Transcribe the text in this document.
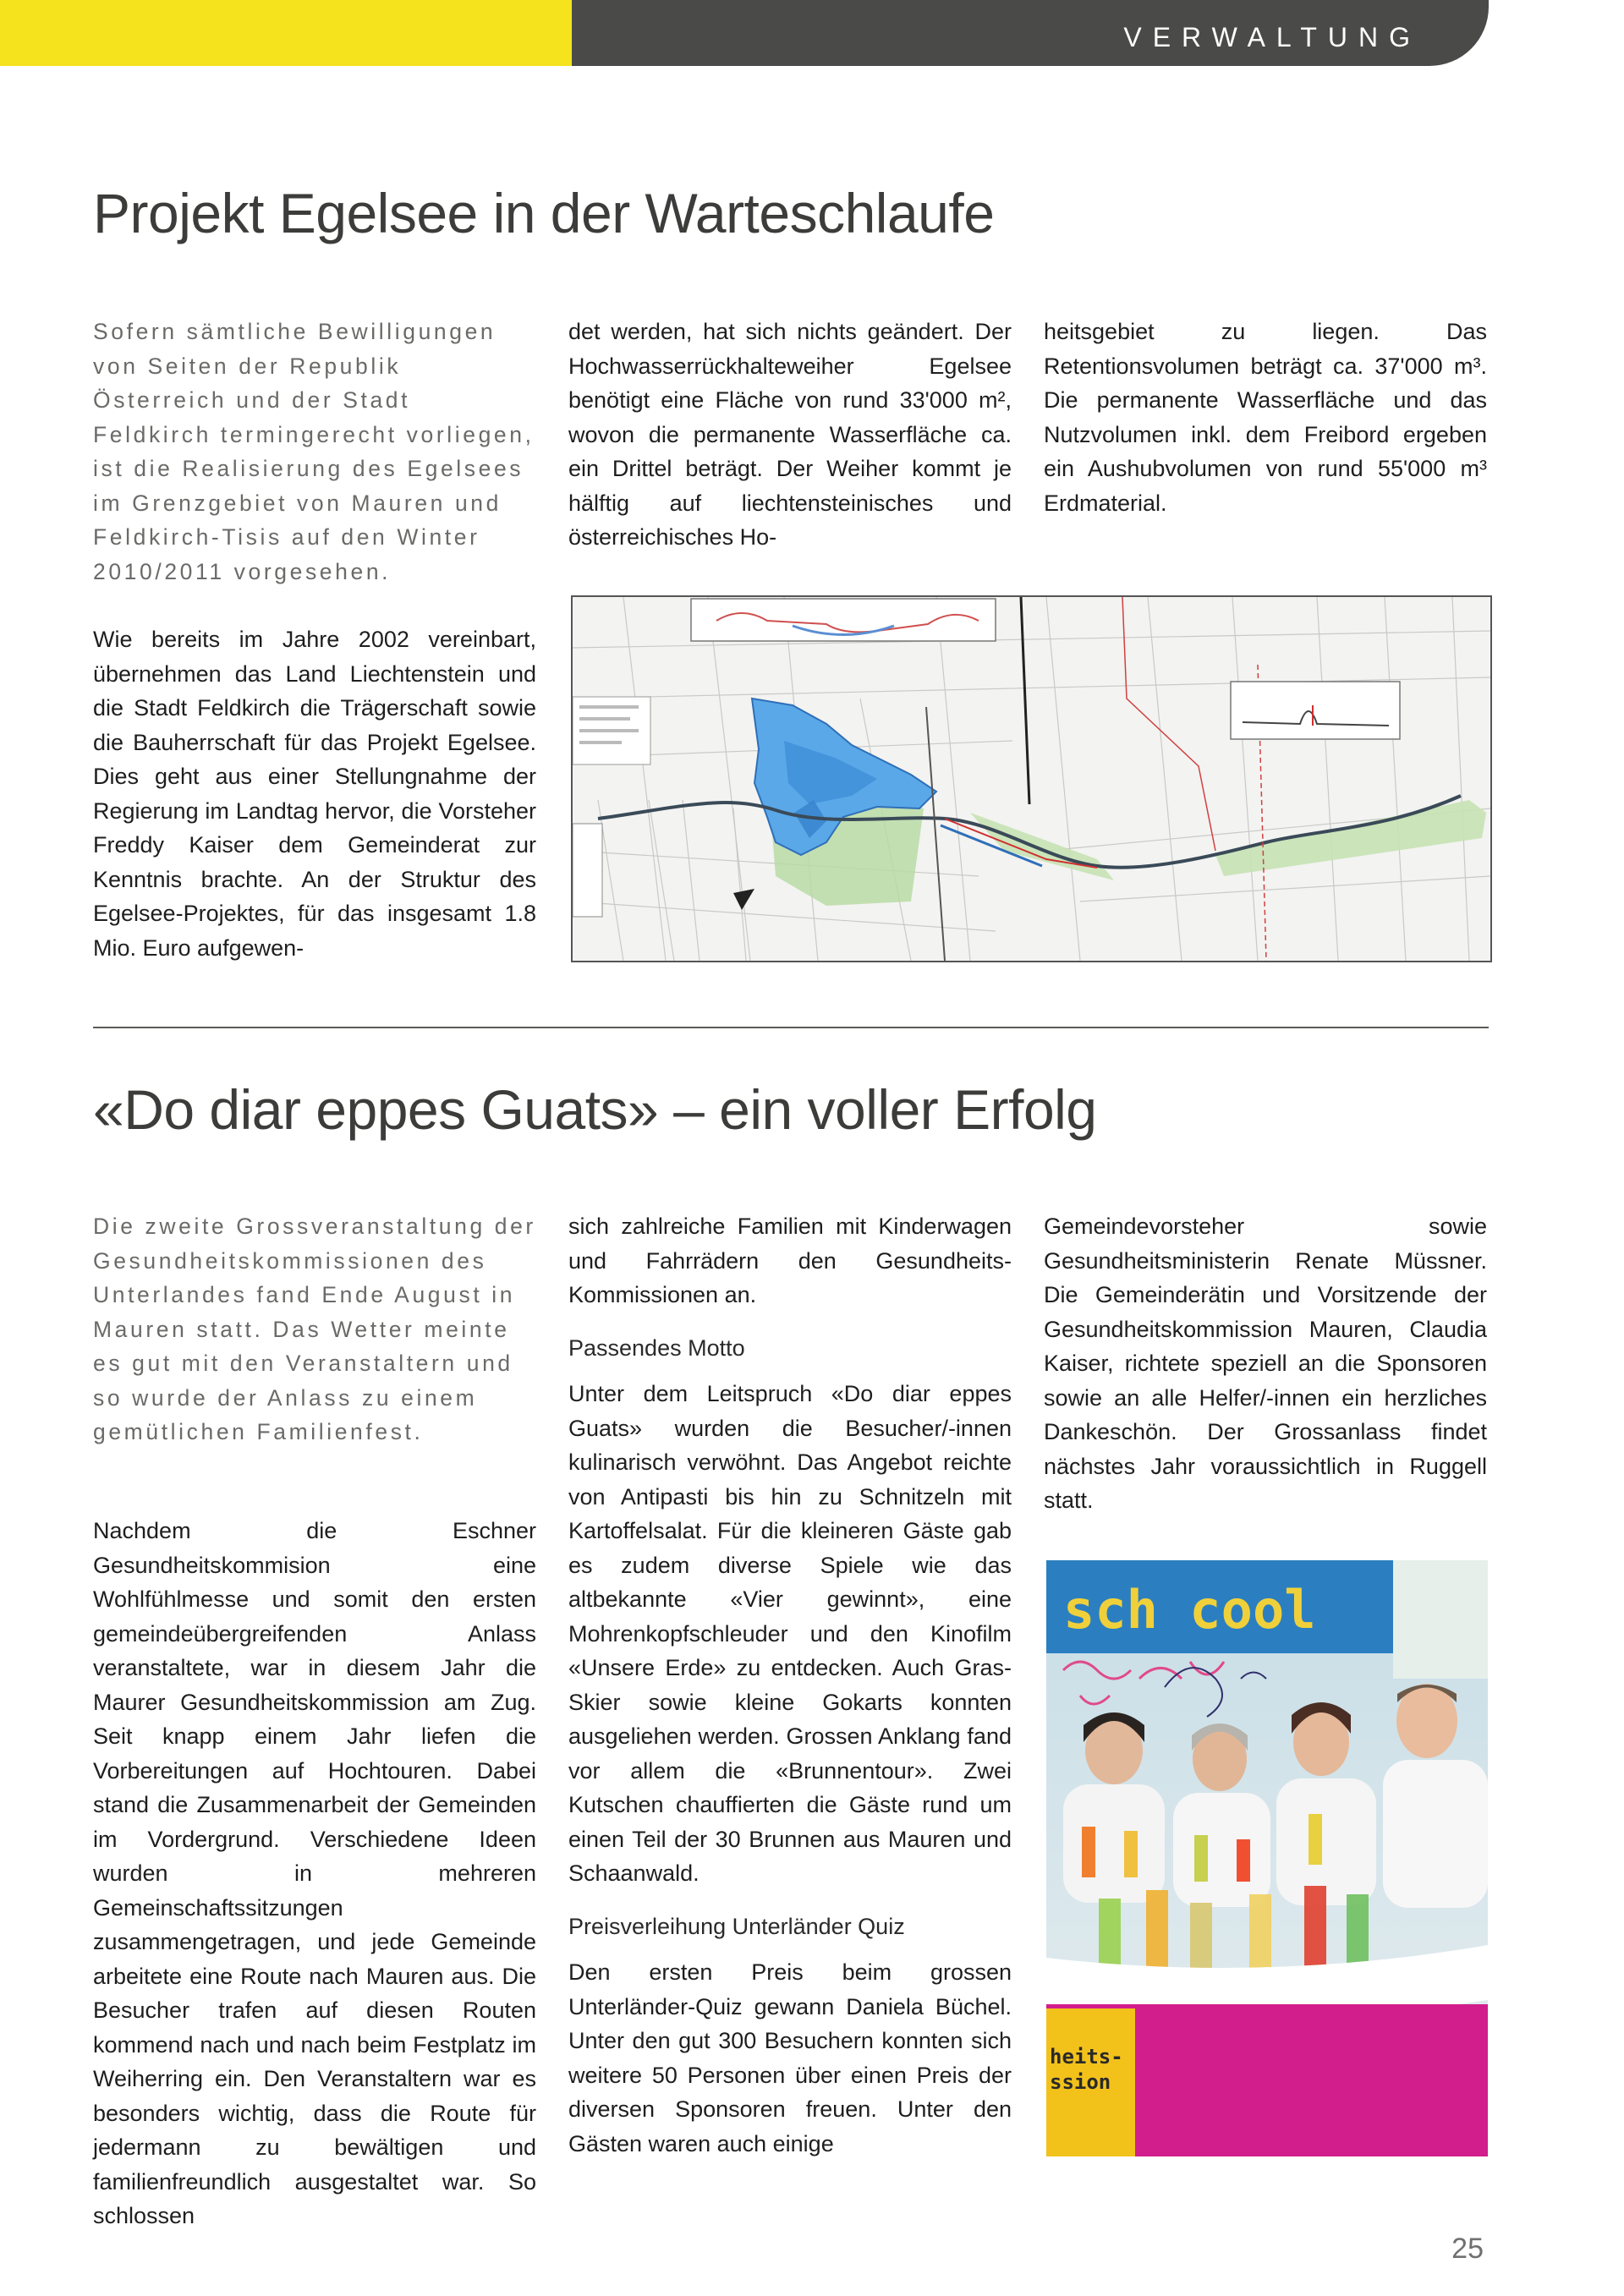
VERWALTUNG
Projekt Egelsee in der Warteschlaufe
Sofern sämtliche Bewilligungen von Seiten der Republik Österreich und der Stadt Feldkirch termingerecht vorliegen, ist die Realisierung des Egelsees im Grenzgebiet von Mauren und Feldkirch-Tisis auf den Winter 2010/2011 vorgesehen.
Wie bereits im Jahre 2002 vereinbart, übernehmen das Land Liechtenstein und die Stadt Feldkirch die Trägerschaft sowie die Bauherrschaft für das Projekt Egelsee. Dies geht aus einer Stellungnahme der Regierung im Landtag hervor, die Vorsteher Freddy Kaiser dem Gemeinderat zur Kenntnis brachte. An der Struktur des Egelsee-Projektes, für das insgesamt 1.8 Mio. Euro aufgewen-
det werden, hat sich nichts geändert. Der Hochwasserrückhalteweiher Egelsee benötigt eine Fläche von rund 33'000 m², wovon die permanente Wasserfläche ca. ein Drittel beträgt. Der Weiher kommt je hälftig auf liechtensteinisches und österreichisches Ho-
heitsgebiet zu liegen. Das Retentionsvolumen beträgt ca. 37'000 m³. Die permanente Wasserfläche und das Nutzvolumen inkl. dem Freibord ergeben ein Aushubvolumen von rund 55'000 m³ Erdmaterial.
«Do diar eppes Guats» – ein voller Erfolg
Die zweite Grossveranstaltung der Gesundheitskommissionen des Unterlandes fand Ende August in Mauren statt. Das Wetter meinte es gut mit den Veranstaltern und so wurde der Anlass zu einem gemütlichen Familienfest.
Nachdem die Eschner Gesundheitskommision eine Wohlfühlmesse und somit den ersten gemeindeübergreifenden Anlass veranstaltete, war in diesem Jahr die Maurer Gesundheitskommission am Zug. Seit knapp einem Jahr liefen die Vorbereitungen auf Hochtouren. Dabei stand die Zusammenarbeit der Gemeinden im Vordergrund. Verschiedene Ideen wurden in mehreren Gemeinschaftssitzungen zusammengetragen, und jede Gemeinde arbeitete eine Route nach Mauren aus. Die Besucher trafen auf diesen Routen kommend nach und nach beim Festplatz im Weiherring ein. Den Veranstaltern war es besonders wichtig, dass die Route für jedermann zu bewältigen und familienfreundlich ausgestaltet war. So schlossen

sich zahlreiche Familien mit Kinderwagen und Fahrrädern den Gesundheits-Kommissionen an.

Passendes Motto

Unter dem Leitspruch «Do diar eppes Guats» wurden die Besucher/-innen kulinarisch verwöhnt. Das Angebot reichte von Antipasti bis hin zu Schnitzeln mit Kartoffelsalat. Für die kleineren Gäste gab es zudem diverse Spiele wie das altbekannte «Vier gewinnt», eine Mohrenkopfschleuder und den Kinofilm «Unsere Erde» zu entdecken. Auch Gras-Skier sowie kleine Gokarts konnten ausgeliehen werden. Grossen Anklang fand vor allem die «Brunnentour». Zwei Kutschen chauffierten die Gäste rund um einen Teil der 30 Brunnen aus Mauren und Schaanwald.

Preisverleihung Unterländer Quiz

Den ersten Preis beim grossen Unterländer-Quiz gewann Daniela Büchel. Unter den gut 300 Besuchern konnten sich weitere 50 Personen über einen Preis der diversen Sponsoren freuen. Unter den Gästen waren auch einige

Gemeindevorsteher sowie Gesundheitsministerin Renate Müssner. Die Gemeinderätin und Vorsitzende der Gesundheitskommission Mauren, Claudia Kaiser, richtete speziell an die Sponsoren sowie an alle Helfer/-innen ein herzliches Dankeschön. Der Grossanlass findet nächstes Jahr voraussichtlich in Ruggell statt.
sch cool
heits-
ssion
25
